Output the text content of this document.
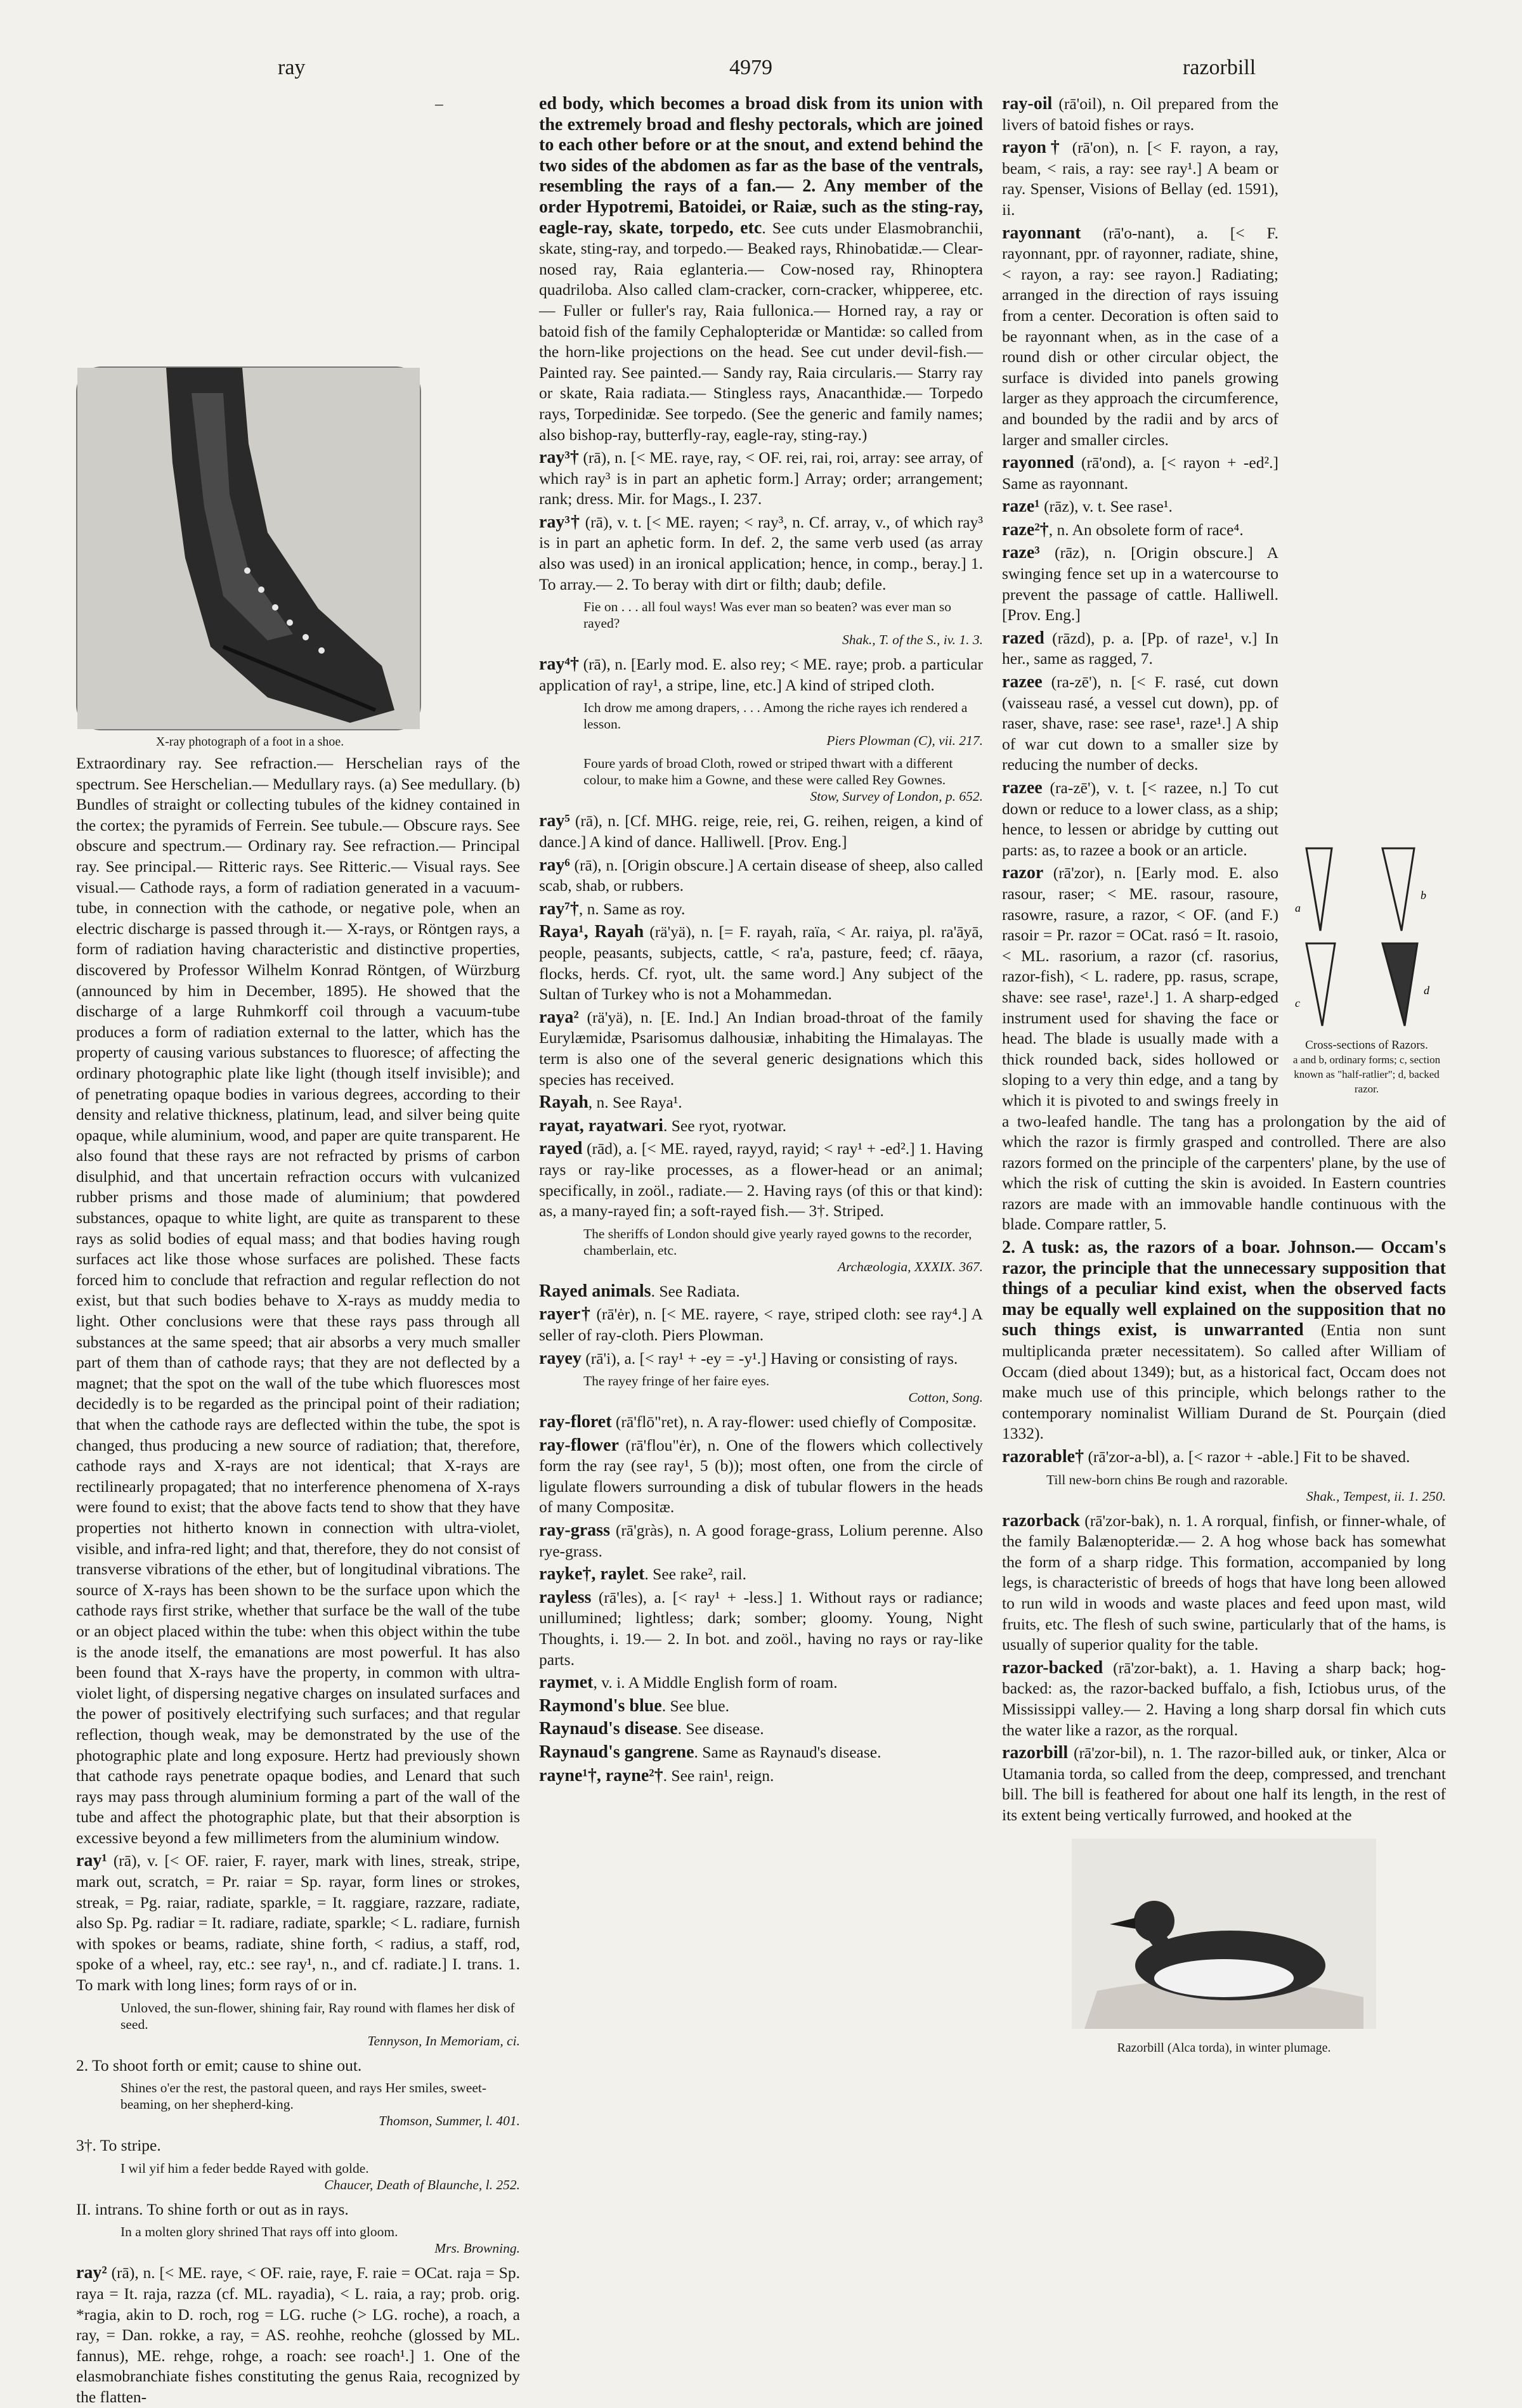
ray	4979	razorbill
X-ray photograph of a foot in a shoe.

– Extraordinary ray. See refraction.— Herschelian rays of the spectrum. See Herschelian.— Medullary rays. (a) See medullary. (b) Bundles of straight or collecting tubules of the kidney contained in the cortex; the pyramids of Ferrein. See tubule.— Obscure rays. See obscure and spectrum.— Ordinary ray. See refraction.— Principal ray. See principal.— Ritteric rays. See Ritteric.— Visual rays. See visual.— Cathode rays, a form of radiation generated in a vacuum-tube, in connection with the cathode, or negative pole, when an electric discharge is passed through it.— X-rays, or Röntgen rays, a form of radiation having characteristic and distinctive properties, discovered by Professor Wilhelm Konrad Röntgen, of Würzburg (announced by him in December, 1895). He showed that the discharge of a large Ruhmkorff coil through a vacuum-tube produces a form of radiation external to the latter, which has the property of causing various substances to fluoresce; of affecting the ordinary photographic plate like light (though itself invisible); and of penetrating opaque bodies in various degrees, according to their density and relative thickness, platinum, lead, and silver being quite opaque, while aluminium, wood, and paper are quite transparent. He also found that these rays are not refracted by prisms of carbon disulphid, and that uncertain refraction occurs with vulcanized rubber prisms and those made of aluminium; that powdered substances, opaque to white light, are quite as transparent to these rays as solid bodies of equal mass; and that bodies having rough surfaces act like those whose surfaces are polished. These facts forced him to conclude that refraction and regular reflection do not exist, but that such bodies behave to X-rays as muddy media to light. Other conclusions were that these rays pass through all substances at the same speed; that air absorbs a very much smaller part of them than of cathode rays; that they are not deflected by a magnet; that the spot on the wall of the tube which fluoresces most decidedly is to be regarded as the principal point of their radiation; that when the cathode rays are deflected within the tube, the spot is changed, thus producing a new source of radiation; that, therefore, cathode rays and X-rays are not identical; that X-rays are rectilinearly propagated; that no interference phenomena of X-rays were found to exist; that the above facts tend to show that they have properties not hitherto known in connection with ultra-violet, visible, and infra-red light; and that, therefore, they do not consist of transverse vibrations of the ether, but of longitudinal vibrations. The source of X-rays has been shown to be the surface upon which the cathode rays first strike, whether that surface be the wall of the tube or an object placed within the tube: when this object within the tube is the anode itself, the emanations are most powerful. It has also been found that X-rays have the property, in common with ultra-violet light, of dispersing negative charges on insulated surfaces and the power of positively electrifying such surfaces; and that regular reflection, though weak, may be demonstrated by the use of the photographic plate and long exposure. Hertz had previously shown that cathode rays penetrate opaque bodies, and Lenard that such rays may pass through aluminium forming a part of the wall of the tube and affect the photographic plate, but that their absorption is excessive beyond a few millimeters from the aluminium window.

ray¹ (rā), v. [< OF. raier, F. rayer, mark with lines, streak, stripe, mark out, scratch, = Pr. raiar = Sp. rayar, form lines or strokes, streak, = Pg. raiar, radiate, sparkle, = It. raggiare, razzare, radiate, also Sp. Pg. radiar = It. radiare, radiate, sparkle; < L. radiare, furnish with spokes or beams, radiate, shine forth, < radius, a staff, rod, spoke of a wheel, ray, etc.: see ray¹, n., and cf. radiate.] I. trans. 1. To mark with long lines; form rays of or in.

Unloved, the sun-flower, shining fair, Ray round with flames her disk of seed.
Tennyson, In Memoriam, ci.

2. To shoot forth or emit; cause to shine out.

Shines o'er the rest, the pastoral queen, and rays Her smiles, sweet-beaming, on her shepherd-king.
Thomson, Summer, l. 401.

3†. To stripe.

I wil yif him a feder bedde Rayed with golde.
Chaucer, Death of Blaunche, l. 252.

II. intrans. To shine forth or out as in rays.

In a molten glory shrined That rays off into gloom.
Mrs. Browning.

ray² (rā), n. [< ME. raye, < OF. raie, raye, F. raie = OCat. raja = Sp. raya = It. raja, razza (cf. ML. rayadia), < L. raia, a ray; prob. orig. *ragia, akin to D. roch, rog = LG. ruche (> LG. roche), a roach, a ray, = Dan. rokke, a ray, = AS. reohhe, reohche (glossed by ML. fannus), ME. rehge, rohge, a roach: see roach¹.] 1. One of the elasmobranchiate fishes constituting the genus Raia, recognized by the flatten-

ed body, which becomes a broad disk from its union with the extremely broad and fleshy pectorals, which are joined to each other before or at the snout, and extend behind the two sides of the abdomen as far as the base of the ventrals, resembling the rays of a fan.— 2. Any member of the order Hypotremi, Batoidei, or Raiæ, such as the sting-ray, eagle-ray, skate, torpedo, etc. See cuts under Elasmobranchii, skate, sting-ray, and torpedo.— Beaked rays, Rhinobatidæ.— Clear-nosed ray, Raia eglanteria.— Cow-nosed ray, Rhinoptera quadriloba. Also called clam-cracker, corn-cracker, whipperee, etc.— Fuller or fuller's ray, Raia fullonica.— Horned ray, a ray or batoid fish of the family Cephalopteridæ or Mantidæ: so called from the horn-like projections on the head. See cut under devil-fish.— Painted ray. See painted.— Sandy ray, Raia circularis.— Starry ray or skate, Raia radiata.— Stingless rays, Anacanthidæ.— Torpedo rays, Torpedinidæ. See torpedo. (See the generic and family names; also bishop-ray, butterfly-ray, eagle-ray, sting-ray.)

ray³† (rā), n. [< ME. raye, ray, < OF. rei, rai, roi, array: see array, of which ray³ is in part an aphetic form.] Array; order; arrangement; rank; dress. Mir. for Mags., I. 237.

ray³† (rā), v. t. [< ME. rayen; < ray³, n. Cf. array, v., of which ray³ is in part an aphetic form. In def. 2, the same verb used (as array also was used) in an ironical application; hence, in comp., beray.] 1. To array.— 2. To beray with dirt or filth; daub; defile.

Fie on . . . all foul ways! Was ever man so beaten? was ever man so rayed?
Shak., T. of the S., iv. 1. 3.

ray⁴† (rā), n. [Early mod. E. also rey; < ME. raye; prob. a particular application of ray¹, a stripe, line, etc.] A kind of striped cloth.

Ich drow me among drapers, . . . Among the riche rayes ich rendered a lesson.
Piers Plowman (C), vii. 217.
Foure yards of broad Cloth, rowed or striped thwart with a different colour, to make him a Gowne, and these were called Rey Gownes.
Stow, Survey of London, p. 652.

ray⁵ (rā), n. [Cf. MHG. reige, reie, rei, G. reihen, reigen, a kind of dance.] A kind of dance. Halliwell. [Prov. Eng.]

ray⁶ (rā), n. [Origin obscure.] A certain disease of sheep, also called scab, shab, or rubbers.

ray⁷†, n. Same as roy.

Raya¹, Rayah (rä'yä), n. [= F. rayah, raïa, < Ar. raiya, pl. ra'āyā, people, peasants, subjects, cattle, < ra'a, pasture, feed; cf. rāaya, flocks, herds. Cf. ryot, ult. the same word.] Any subject of the Sultan of Turkey who is not a Mohammedan.

raya² (rä'yä), n. [E. Ind.] An Indian broad-throat of the family Eurylæmidæ, Psarisomus dalhousiæ, inhabiting the Himalayas. The term is also one of the several generic designations which this species has received.

Rayah, n. See Raya¹.

rayat, rayatwari. See ryot, ryotwar.

rayed (rād), a. [< ME. rayed, rayyd, rayid; < ray¹ + -ed².] 1. Having rays or ray-like processes, as a flower-head or an animal; specifically, in zoöl., radiate.— 2. Having rays (of this or that kind): as, a many-rayed fin; a soft-rayed fish.— 3†. Striped.

The sheriffs of London should give yearly rayed gowns to the recorder, chamberlain, etc.
Archæologia, XXXIX. 367.

Rayed animals. See Radiata.

rayer† (rā'ėr), n. [< ME. rayere, < raye, striped cloth: see ray⁴.] A seller of ray-cloth. Piers Plowman.

rayey (rā'i), a. [< ray¹ + -ey = -y¹.] Having or consisting of rays.

The rayey fringe of her faire eyes.
Cotton, Song.

ray-floret (rā'flō"ret), n. A ray-flower: used chiefly of Compositæ.

ray-flower (rā'flou"ėr), n. One of the flowers which collectively form the ray (see ray¹, 5 (b)); most often, one from the circle of ligulate flowers surrounding a disk of tubular flowers in the heads of many Compositæ.

ray-grass (rā'gràs), n. A good forage-grass, Lolium perenne. Also rye-grass.

rayke†, raylet. See rake², rail.

rayless (rā'les), a. [< ray¹ + -less.] 1. Without rays or radiance; unillumined; lightless; dark; somber; gloomy. Young, Night Thoughts, i. 19.— 2. In bot. and zoöl., having no rays or ray-like parts.

raymet, v. i. A Middle English form of roam.

Raymond's blue. See blue.

Raynaud's disease. See disease.

Raynaud's gangrene. Same as Raynaud's disease.

rayne¹†, rayne²†. See rain¹, reign.

a
b
c
d
Cross-sections of Razors.
a and b, ordinary forms; c, section known as "half-ratlier"; d, backed razor.

ray-oil (rā'oil), n. Oil prepared from the livers of batoid fishes or rays.

rayon† (rā'on), n. [< F. rayon, a ray, beam, < rais, a ray: see ray¹.] A beam or ray. Spenser, Visions of Bellay (ed. 1591), ii.

rayonnant (rā'o-nant), a. [< F. rayonnant, ppr. of rayonner, radiate, shine, < rayon, a ray: see rayon.] Radiating; arranged in the direction of rays issuing from a center. Decoration is often said to be rayonnant when, as in the case of a round dish or other circular object, the surface is divided into panels growing larger as they approach the circumference, and bounded by the radii and by arcs of larger and smaller circles.

rayonned (rā'ond), a. [< rayon + -ed².] Same as rayonnant.

raze¹ (rāz), v. t. See rase¹.

raze²†, n. An obsolete form of race⁴.

raze³ (rāz), n. [Origin obscure.] A swinging fence set up in a watercourse to prevent the passage of cattle. Halliwell. [Prov. Eng.]

razed (rāzd), p. a. [Pp. of raze¹, v.] In her., same as ragged, 7.

razee (ra-zē'), n. [< F. rasé, cut down (vaisseau rasé, a vessel cut down), pp. of raser, shave, rase: see rase¹, raze¹.] A ship of war cut down to a smaller size by reducing the number of decks.

razee (ra-zē'), v. t. [< razee, n.] To cut down or reduce to a lower class, as a ship; hence, to lessen or abridge by cutting out parts: as, to razee a book or an article.

razor (rā'zor), n. [Early mod. E. also rasour, raser; < ME. rasour, rasoure, rasowre, rasure, a razor, < OF. (and F.) rasoir = Pr. razor = OCat. rasó = It. rasoio, < ML. rasorium, a razor (cf. rasorius, razor-fish), < L. radere, pp. rasus, scrape, shave: see rase¹, raze¹.] 1. A sharp-edged instrument used for shaving the face or head. The blade is usually made with a thick rounded back, sides hollowed or sloping to a very thin edge, and a tang by which it is pivoted to and swings freely in a two-leafed handle. The tang has a prolongation by the aid of which the razor is firmly grasped and controlled. There are also razors formed on the principle of the carpenters' plane, by the use of which the risk of cutting the skin is avoided. In Eastern countries razors are made with an immovable handle continuous with the blade. Compare rattler, 5.

2. A tusk: as, the razors of a boar. Johnson.— Occam's razor, the principle that the unnecessary supposition that things of a peculiar kind exist, when the observed facts may be equally well explained on the supposition that no such things exist, is unwarranted (Entia non sunt multiplicanda præter necessitatem). So called after William of Occam (died about 1349); but, as a historical fact, Occam does not make much use of this principle, which belongs rather to the contemporary nominalist William Durand de St. Pourçain (died 1332).

razorable† (rā'zor-a-bl), a. [< razor + -able.] Fit to be shaved.

Till new-born chins Be rough and razorable.
Shak., Tempest, ii. 1. 250.

razorback (rā'zor-bak), n. 1. A rorqual, finfish, or finner-whale, of the family Balænopteridæ.— 2. A hog whose back has somewhat the form of a sharp ridge. This formation, accompanied by long legs, is characteristic of breeds of hogs that have long been allowed to run wild in woods and waste places and feed upon mast, wild fruits, etc. The flesh of such swine, particularly that of the hams, is usually of superior quality for the table.

razor-backed (rā'zor-bakt), a. 1. Having a sharp back; hog-backed: as, the razor-backed buffalo, a fish, Ictiobus urus, of the Mississippi valley.— 2. Having a long sharp dorsal fin which cuts the water like a razor, as the rorqual.

razorbill (rā'zor-bil), n. 1. The razor-billed auk, or tinker, Alca or Utamania torda, so called from the deep, compressed, and trenchant bill. The bill is feathered for about one half its length, in the rest of its extent being vertically furrowed, and hooked at the

Razorbill (Alca torda), in winter plumage.
